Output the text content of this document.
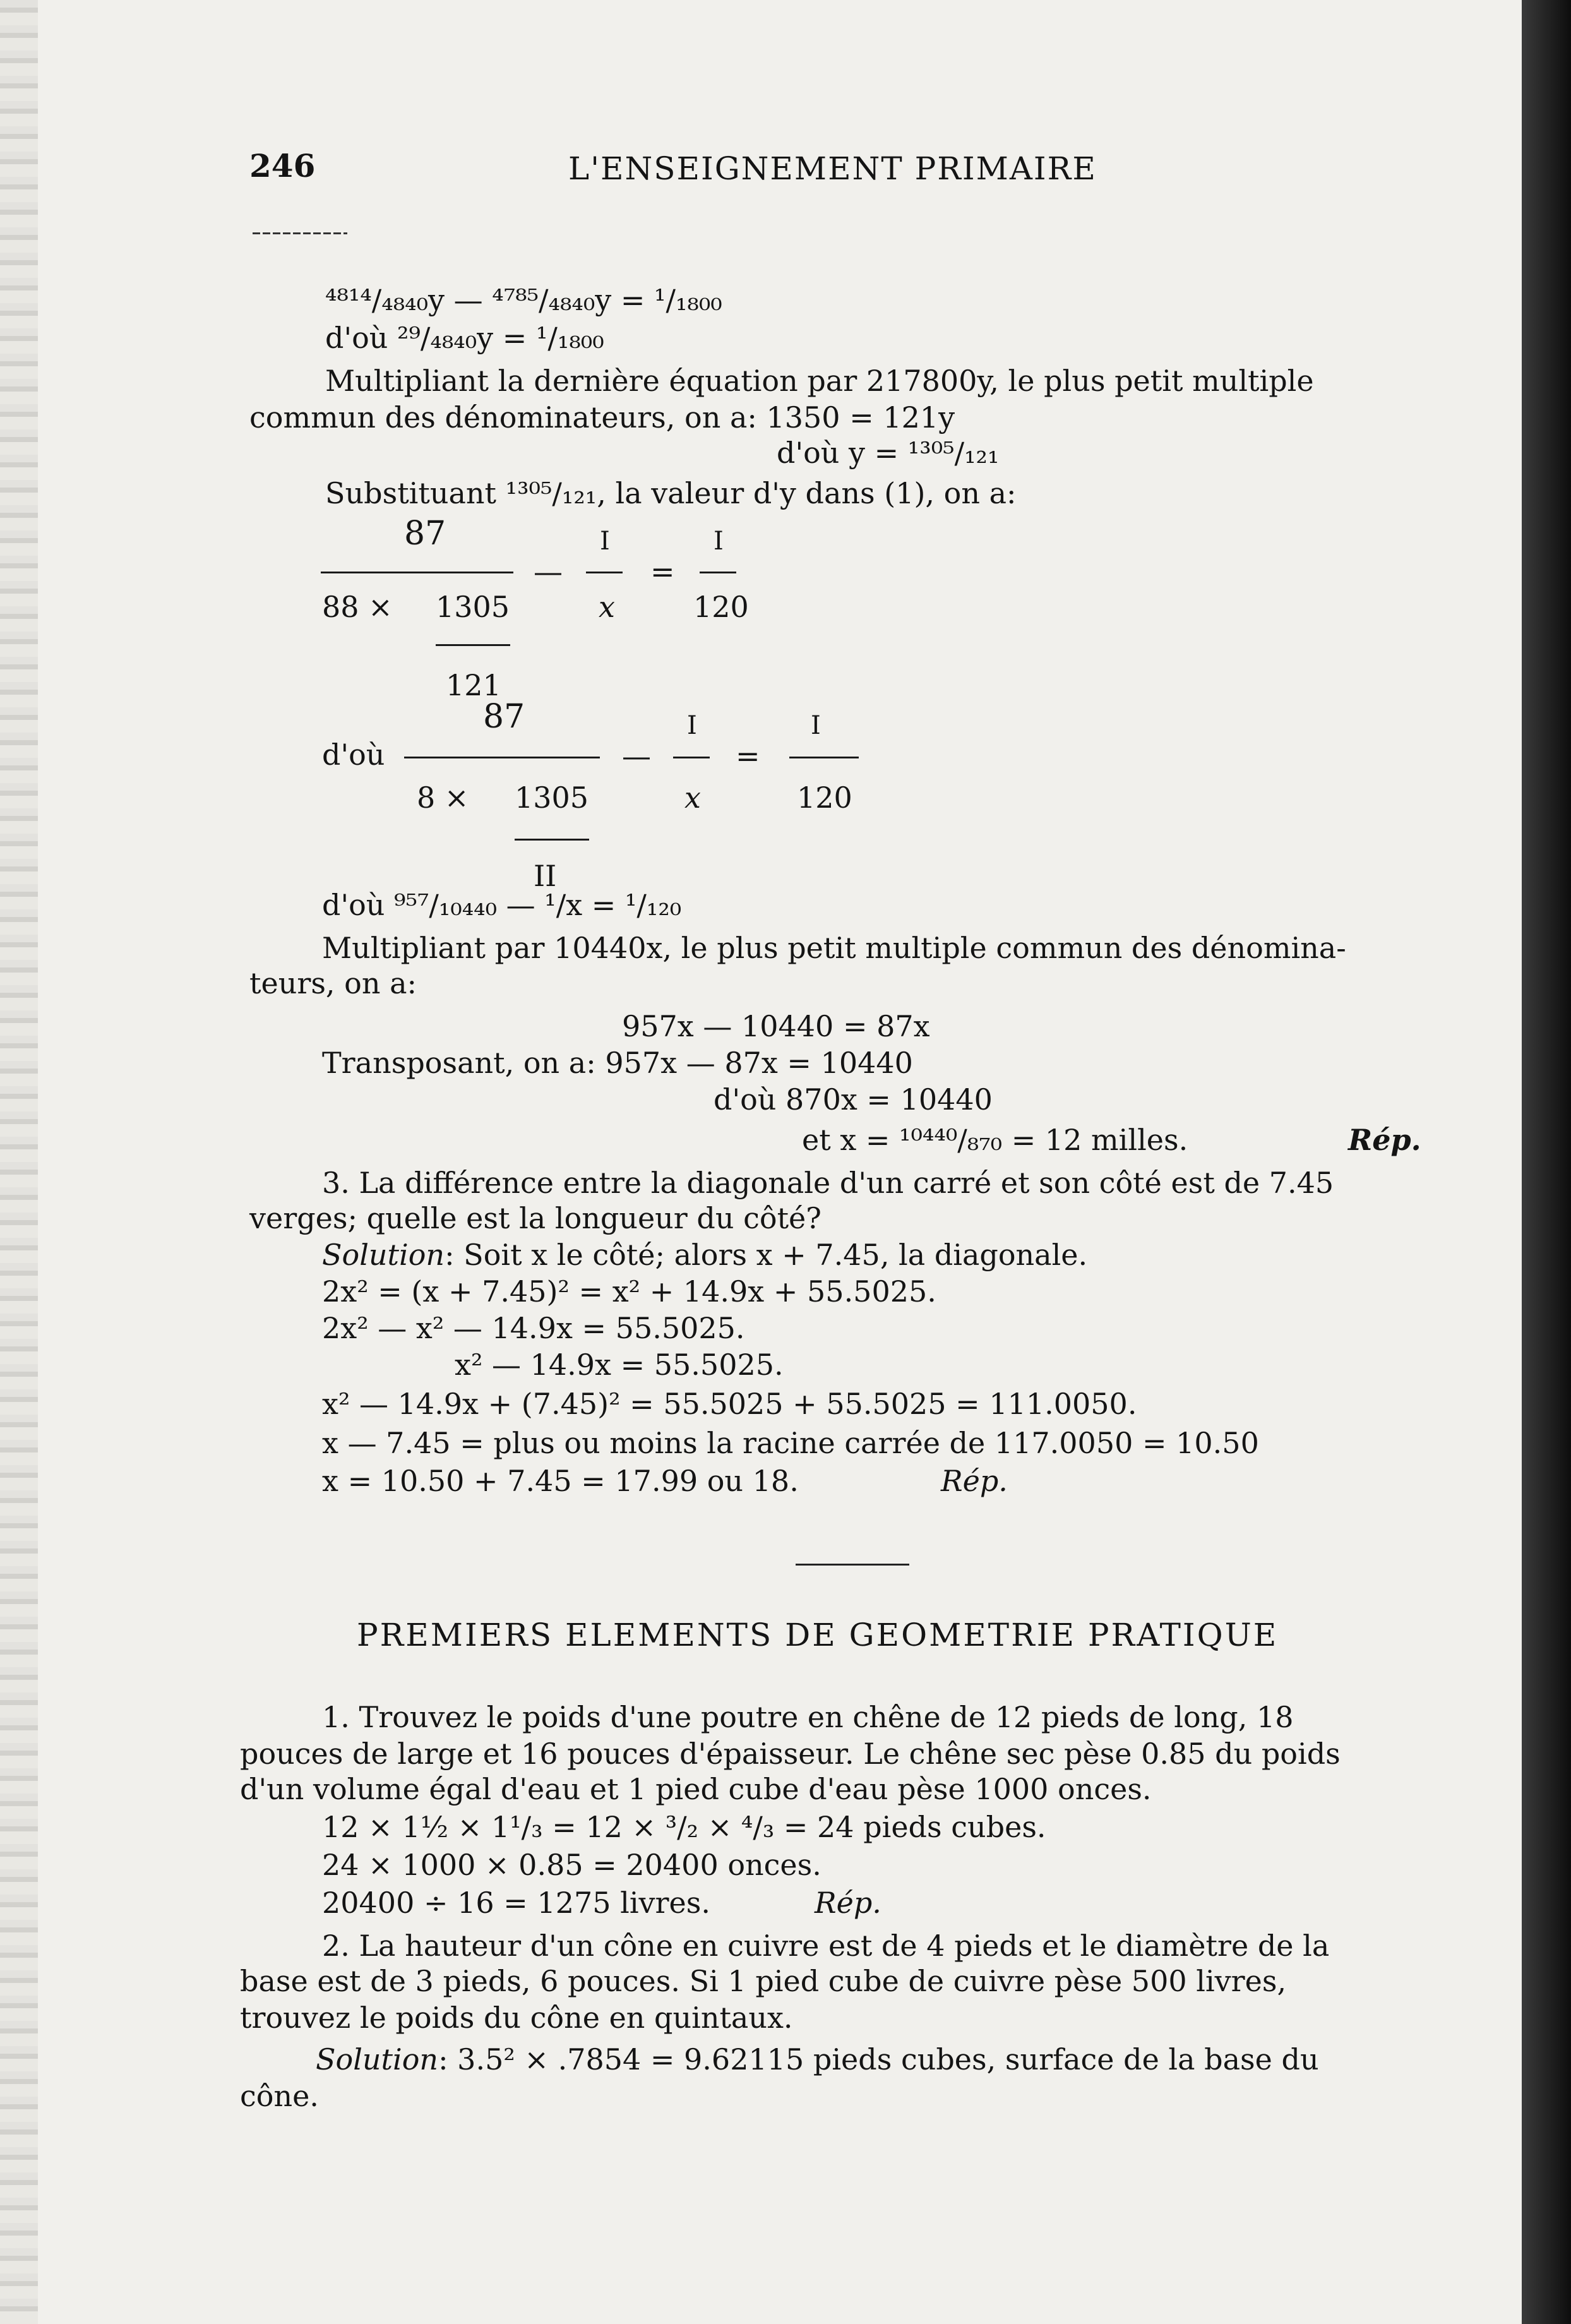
246	L'ENSEIGNEMENT PRIMAIRE
⁴⁸¹⁴/₄₈₄₀y — ⁴⁷⁸⁵/₄₈₄₀y = ¹/₁₈₀₀
d'où ²⁹/₄₈₄₀y = ¹/₁₈₀₀
Multipliant la dernière équation par 217800y, le plus petit multiple
commun des dénominateurs, on a: 1350 = 121y
d'où y = ¹³⁰⁵/₁₂₁
Substituant ¹³⁰⁵/₁₂₁, la valeur d'y dans (1), on a:
87
88 × 1305
121
—
I
x
=
I
120
d'où
87
8 × 1305
II
—
I
x
=
I
120
d'où ⁹⁵⁷/₁₀₄₄₀ — ¹/x = ¹/₁₂₀
Multipliant par 10440x, le plus petit multiple commun des dénomina-
teurs, on a:
957x — 10440 = 87x
Transposant, on a: 957x — 87x = 10440
d'où 870x = 10440
et x = ¹⁰⁴⁴⁰/₈₇₀ = 12 milles.	Rép.
3. La différence entre la diagonale d'un carré et son côté est de 7.45
verges; quelle est la longueur du côté?
Solution: Soit x le côté; alors x + 7.45, la diagonale.
2x² = (x + 7.45)² = x² + 14.9x + 55.5025.
2x² — x² — 14.9x = 55.5025.
x² — 14.9x = 55.5025.
x² — 14.9x + (7.45)² = 55.5025 + 55.5025 = 111.0050.
x — 7.45 = plus ou moins la racine carrée de 117.0050 = 10.50
x = 10.50 + 7.45 = 17.99 ou 18.	Rép.
PREMIERS ELEMENTS DE GEOMETRIE PRATIQUE
1. Trouvez le poids d'une poutre en chêne de 12 pieds de long, 18
pouces de large et 16 pouces d'épaisseur. Le chêne sec pèse 0.85 du poids
d'un volume égal d'eau et 1 pied cube d'eau pèse 1000 onces.
12 × 1½ × 1¹/₃ = 12 × ³/₂ × ⁴/₃ = 24 pieds cubes.
24 × 1000 × 0.85 = 20400 onces.
20400 ÷ 16 = 1275 livres.	Rép.
2. La hauteur d'un cône en cuivre est de 4 pieds et le diamètre de la
base est de 3 pieds, 6 pouces. Si 1 pied cube de cuivre pèse 500 livres,
trouvez le poids du cône en quintaux.
Solution: 3.5² × .7854 = 9.62115 pieds cubes, surface de la base du
cône.
